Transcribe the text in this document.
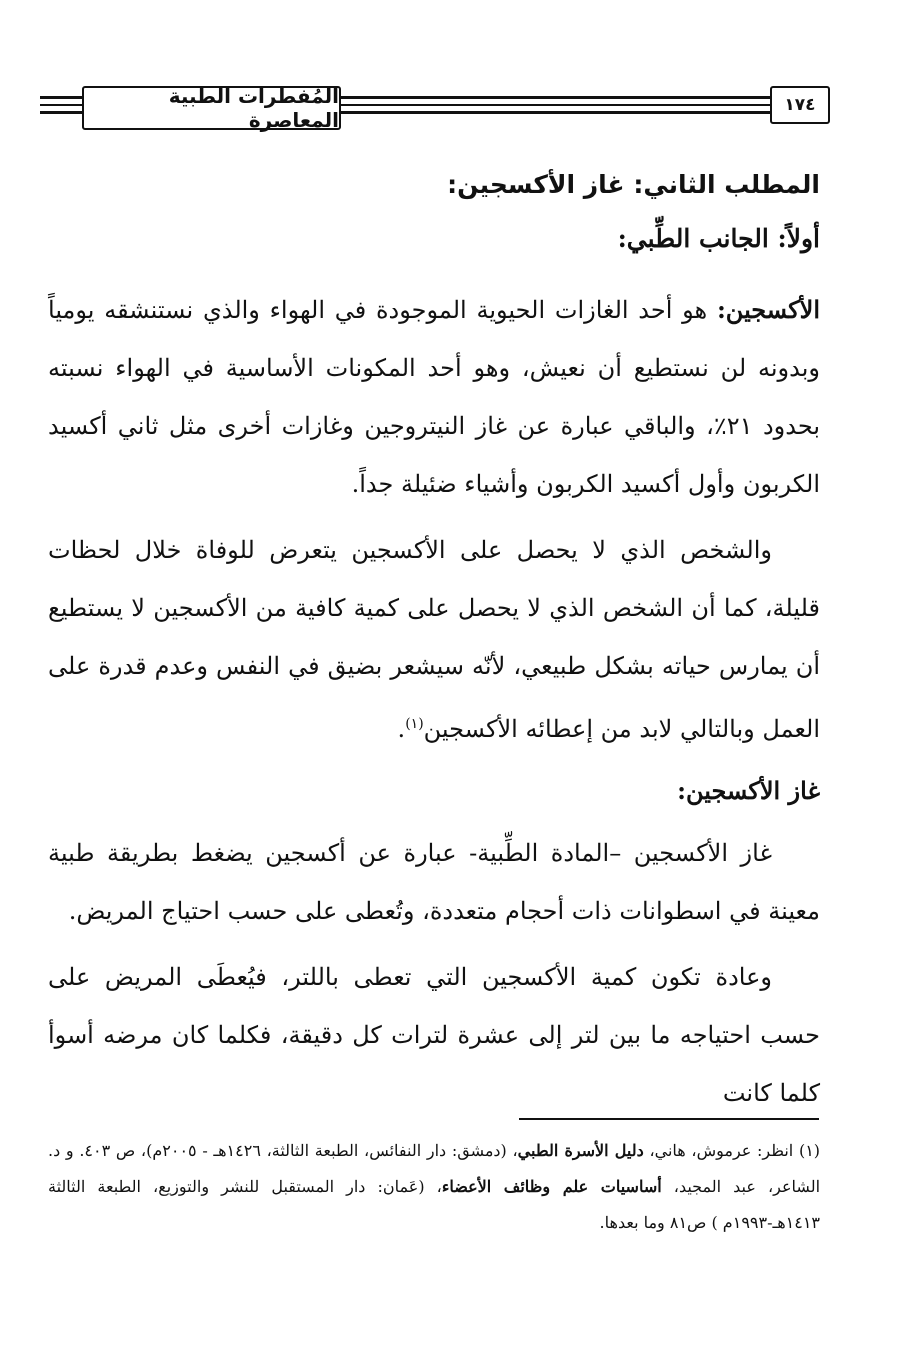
المُفطرات الطبية المعاصرة
١٧٤
المطلب الثاني: غاز الأكسجين:
أولاً: الجانب الطِّبي:

الأكسجين: هو أحد الغازات الحيوية الموجودة في الهواء والذي نستنشقه يومياً وبدونه لن نستطيع أن نعيش، وهو أحد المكونات الأساسية في الهواء نسبته بحدود ٢١٪، والباقي عبارة عن غاز النيتروجين وغازات أخرى مثل ثاني أكسيد الكربون وأول أكسيد الكربون وأشياء ضئيلة جداً.

والشخص الذي لا يحصل على الأكسجين يتعرض للوفاة خلال لحظات قليلة، كما أن الشخص الذي لا يحصل على كمية كافية من الأكسجين لا يستطيع أن يمارس حياته بشكل طبيعي، لأنّه سيشعر بضيق في النفس وعدم قدرة على العمل وبالتالي لابد من إعطائه الأكسجين$^{(١)}$.

غاز الأكسجين:

غاز الأكسجين –المادة الطِّبية- عبارة عن أكسجين يضغط بطريقة طبية معينة في اسطوانات ذات أحجام متعددة، وتُعطى على حسب احتياج المريض.

وعادة تكون كمية الأكسجين التي تعطى باللتر، فيُعطَى المريض على حسب احتياجه ما بين لتر إلى عشرة لترات كل دقيقة، فكلما كان مرضه أسوأ كلما كانت

(١) انظر: عرموش، هاني، دليل الأسرة الطبي، (دمشق: دار النفائس، الطبعة الثالثة، ١٤٢٦هـ - ٢٠٠٥م)، ص ٤٠٣. و د. الشاعر، عبد المجيد، أساسيات علم وظائف الأعضاء، (عَمان: دار المستقبل للنشر والتوزيع، الطبعة الثالثة ١٤١٣هـ-١٩٩٣م ) ص٨١ وما بعدها.
